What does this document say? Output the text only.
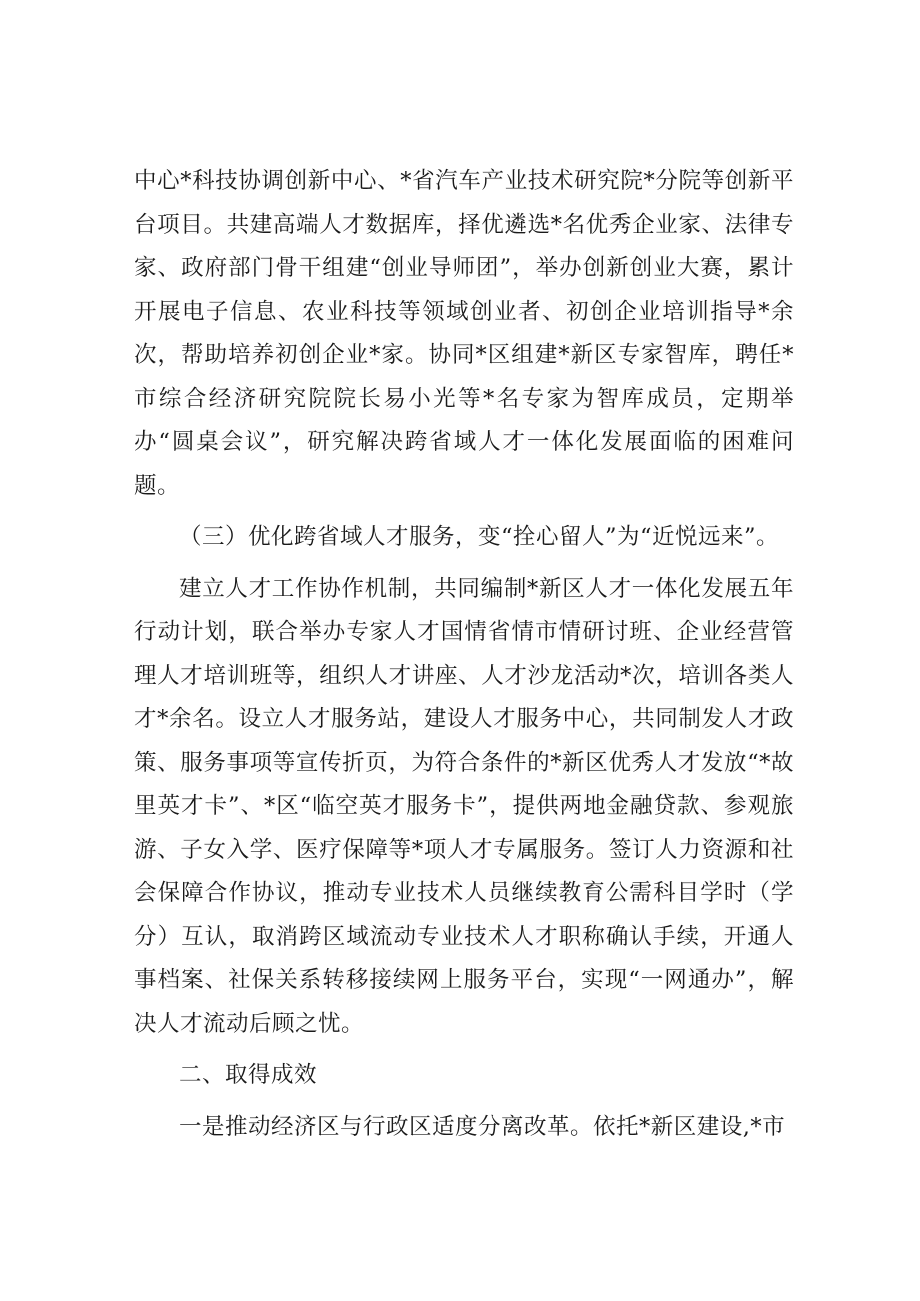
中心*科技协调创新中心、*省汽车产业技术研究院*分院等创新平台项目。共建高端人才数据库，择优遴选*名优秀企业家、法律专家、政府部门骨干组建“创业导师团”，举办创新创业大赛，累计开展电子信息、农业科技等领域创业者、初创企业培训指导*余次，帮助培养初创企业*家。协同*区组建*新区专家智库，聘任*市综合经济研究院院长易小光等*名专家为智库成员，定期举办“圆桌会议”，研究解决跨省域人才一体化发展面临的困难问题。

（三）优化跨省域人才服务，变“拴心留人”为“近悦远来”。

建立人才工作协作机制，共同编制*新区人才一体化发展五年行动计划，联合举办专家人才国情省情市情研讨班、企业经营管理人才培训班等，组织人才讲座、人才沙龙活动*次，培训各类人才*余名。设立人才服务站，建设人才服务中心，共同制发人才政策、服务事项等宣传折页，为符合条件的*新区优秀人才发放“*故里英才卡”、*区“临空英才服务卡”，提供两地金融贷款、参观旅游、子女入学、医疗保障等*项人才专属服务。签订人力资源和社会保障合作协议，推动专业技术人员继续教育公需科目学时（学分）互认，取消跨区域流动专业技术人才职称确认手续，开通人事档案、社保关系转移接续网上服务平台，实现“一网通办”，解决人才流动后顾之忧。

二、取得成效

一是推动经济区与行政区适度分离改革。依托*新区建设,*市
